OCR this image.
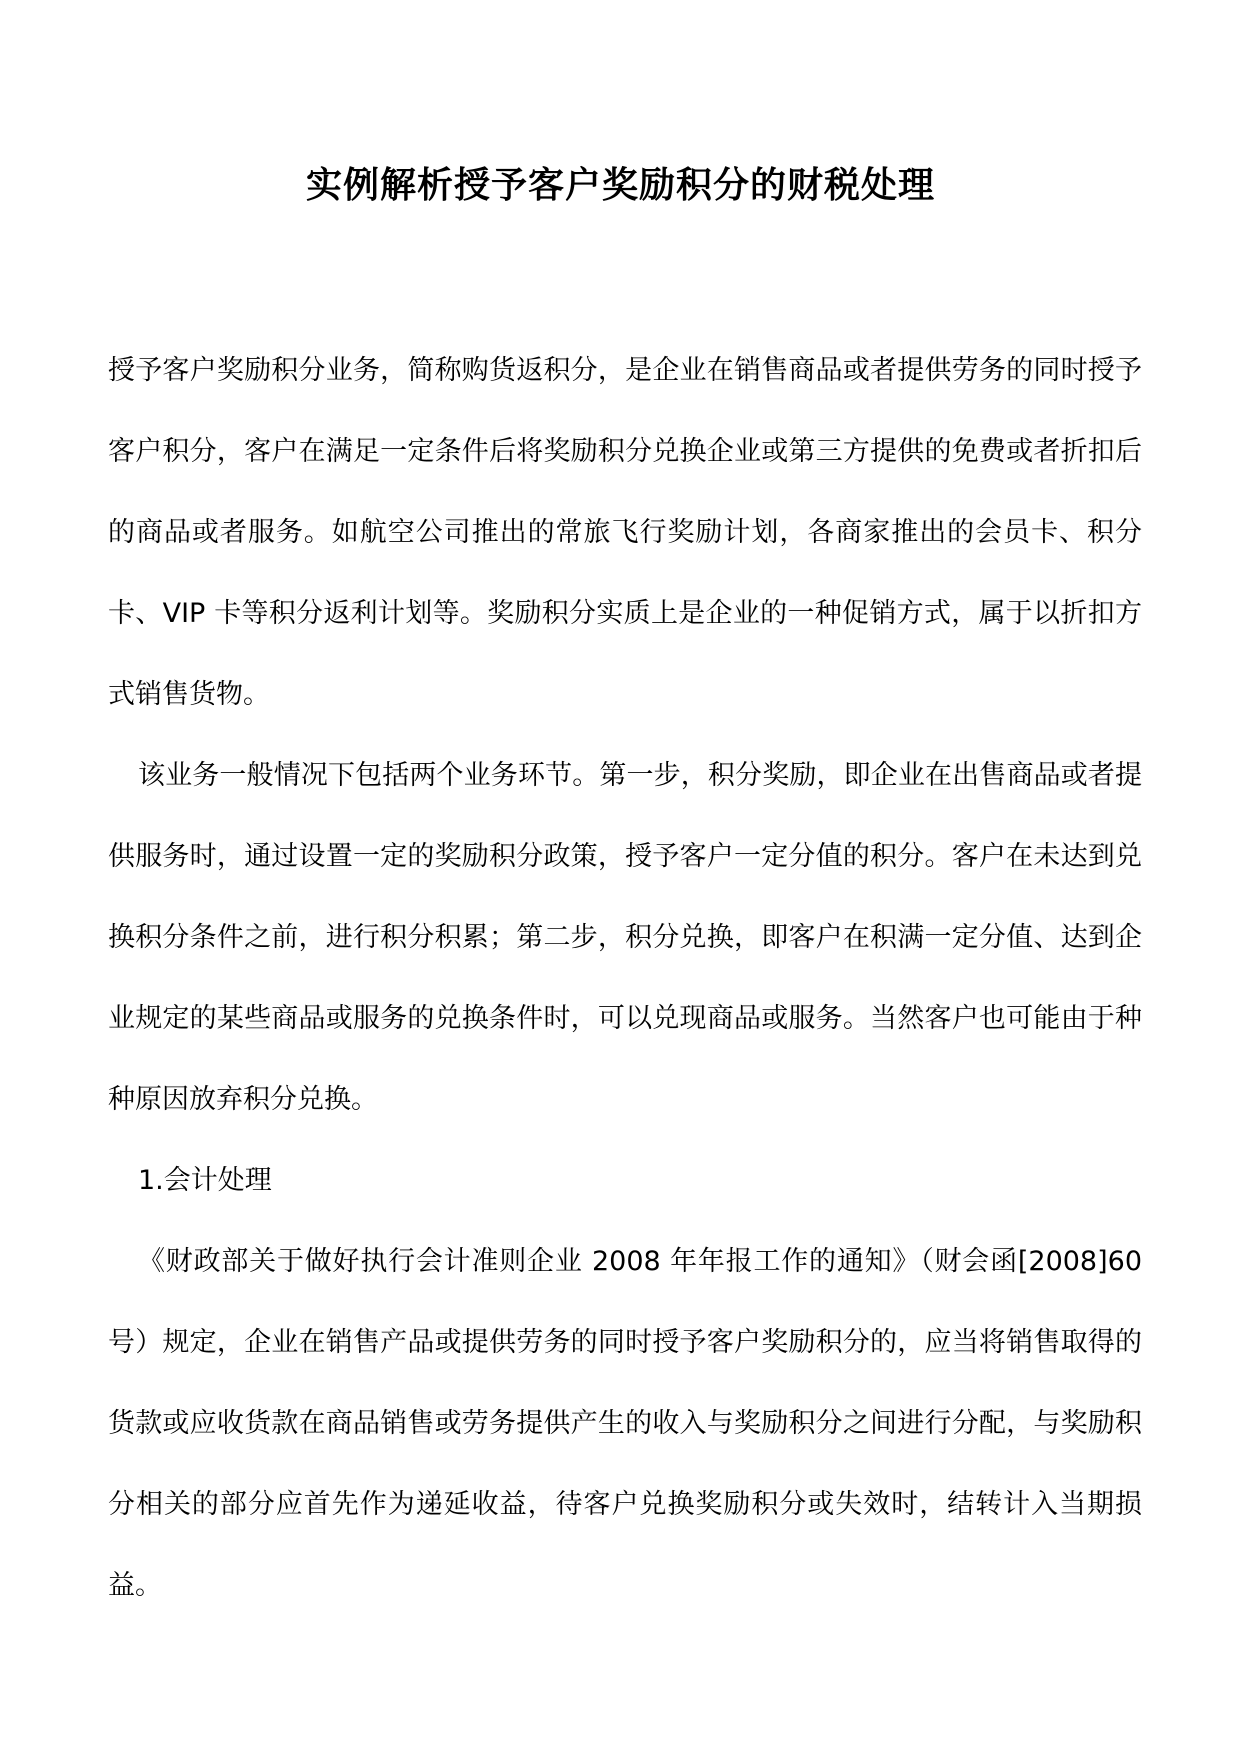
实例解析授予客户奖励积分的财税处理

授予客户奖励积分业务，简称购货返积分，是企业在销售商品或者提供劳务的同时授予客户积分，客户在满足一定条件后将奖励积分兑换企业或第三方提供的免费或者折扣后的商品或者服务。如航空公司推出的常旅飞行奖励计划，各商家推出的会员卡、积分卡、VIP 卡等积分返利计划等。奖励积分实质上是企业的一种促销方式，属于以折扣方式销售货物。

该业务一般情况下包括两个业务环节。第一步，积分奖励，即企业在出售商品或者提供服务时，通过设置一定的奖励积分政策，授予客户一定分值的积分。客户在未达到兑换积分条件之前，进行积分积累；第二步，积分兑换，即客户在积满一定分值、达到企业规定的某些商品或服务的兑换条件时，可以兑现商品或服务。当然客户也可能由于种种原因放弃积分兑换。

1.会计处理

《财政部关于做好执行会计准则企业 2008 年年报工作的通知》（财会函[2008]60 号）规定，企业在销售产品或提供劳务的同时授予客户奖励积分的，应当将销售取得的货款或应收货款在商品销售或劳务提供产生的收入与奖励积分之间进行分配，与奖励积分相关的部分应首先作为递延收益，待客户兑换奖励积分或失效时，结转计入当期损益。
